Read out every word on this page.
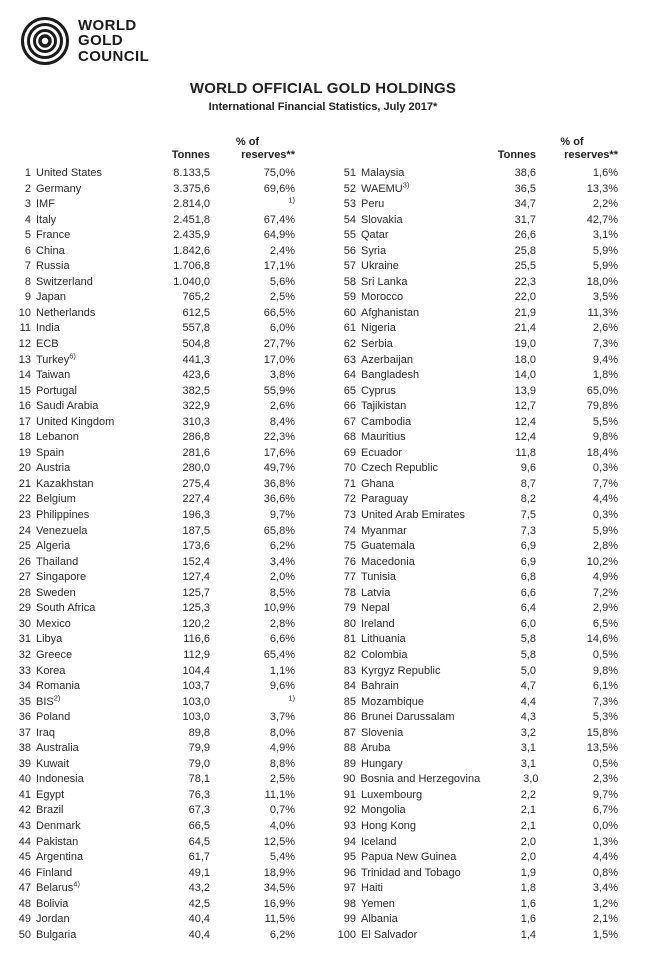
WORLD
GOLD
COUNCIL
WORLD OFFICIAL GOLD HOLDINGS
International Financial Statistics, July 2017*
% of
Tonnes	reserves**
1 United States	8.133,5	75,0%
2 Germany	3.375,6	69,6%
3 IMF	2.814,0	$^{1)}$
4 Italy	2.451,8	67,4%
5 France	2.435,9	64,9%
6 China	1.842,6	2,4%
7 Russia	1.706,8	17,1%
8 Switzerland	1.040,0	5,6%
9 Japan	765,2	2,5%
10 Netherlands	612,5	66,5%
11 India	557,8	6,0%
12 ECB	504,8	27,7%
13 Turkey$^{6)}$	441,3	17,0%
14 Taiwan	423,6	3,8%
15 Portugal	382,5	55,9%
16 Saudi Arabia	322,9	2,6%
17 United Kingdom	310,3	8,4%
18 Lebanon	286,8	22,3%
19 Spain	281,6	17,6%
20 Austria	280,0	49,7%
21 Kazakhstan	275,4	36,8%
22 Belgium	227,4	36,6%
23 Philippines	196,3	9,7%
24 Venezuela	187,5	65,8%
25 Algeria	173,6	6,2%
26 Thailand	152,4	3,4%
27 Singapore	127,4	2,0%
28 Sweden	125,7	8,5%
29 South Africa	125,3	10,9%
30 Mexico	120,2	2,8%
31 Libya	116,6	6,6%
32 Greece	112,9	65,4%
33 Korea	104,4	1,1%
34 Romania	103,7	9,6%
35 BIS$^{2)}$	103,0	$^{1)}$
36 Poland	103,0	3,7%
37 Iraq	89,8	8,0%
38 Australia	79,9	4,9%
39 Kuwait	79,0	8,8%
40 Indonesia	78,1	2,5%
41 Egypt	76,3	11,1%
42 Brazil	67,3	0,7%
43 Denmark	66,5	4,0%
44 Pakistan	64,5	12,5%
45 Argentina	61,7	5,4%
46 Finland	49,1	18,9%
47 Belarus$^{4)}$	43,2	34,5%
48 Bolivia	42,5	16,9%
49 Jordan	40,4	11,5%
50 Bulgaria	40,4	6,2%
% of
Tonnes	reserves**
51 Malaysia	38,6	1,6%
52 WAEMU$^{3)}$	36,5	13,3%
53 Peru	34,7	2,2%
54 Slovakia	31,7	42,7%
55 Qatar	26,6	3,1%
56 Syria	25,8	5,9%
57 Ukraine	25,5	5,9%
58 Sri Lanka	22,3	18,0%
59 Morocco	22,0	3,5%
60 Afghanistan	21,9	11,3%
61 Nigeria	21,4	2,6%
62 Serbia	19,0	7,3%
63 Azerbaijan	18,0	9,4%
64 Bangladesh	14,0	1,8%
65 Cyprus	13,9	65,0%
66 Tajikistan	12,7	79,8%
67 Cambodia	12,4	5,5%
68 Mauritius	12,4	9,8%
69 Ecuador	11,8	18,4%
70 Czech Republic	9,6	0,3%
71 Ghana	8,7	7,7%
72 Paraguay	8,2	4,4%
73 United Arab Emirates	7,5	0,3%
74 Myanmar	7,3	5,9%
75 Guatemala	6,9	2,8%
76 Macedonia	6,9	10,2%
77 Tunisia	6,8	4,9%
78 Latvia	6,6	7,2%
79 Nepal	6,4	2,9%
80 Ireland	6,0	6,5%
81 Lithuania	5,8	14,6%
82 Colombia	5,8	0,5%
83 Kyrgyz Republic	5,0	9,8%
84 Bahrain	4,7	6,1%
85 Mozambique	4,4	7,3%
86 Brunei Darussalam	4,3	5,3%
87 Slovenia	3,2	15,8%
88 Aruba	3,1	13,5%
89 Hungary	3,1	0,5%
90 Bosnia and Herzegovina	3,0	2,3%
91 Luxembourg	2,2	9,7%
92 Mongolia	2,1	6,7%
93 Hong Kong	2,1	0,0%
94 Iceland	2,0	1,3%
95 Papua New Guinea	2,0	4,4%
96 Trinidad and Tobago	1,9	0,8%
97 Haiti	1,8	3,4%
98 Yemen	1,6	1,2%
99 Albania	1,6	2,1%
100 El Salvador	1,4	1,5%
